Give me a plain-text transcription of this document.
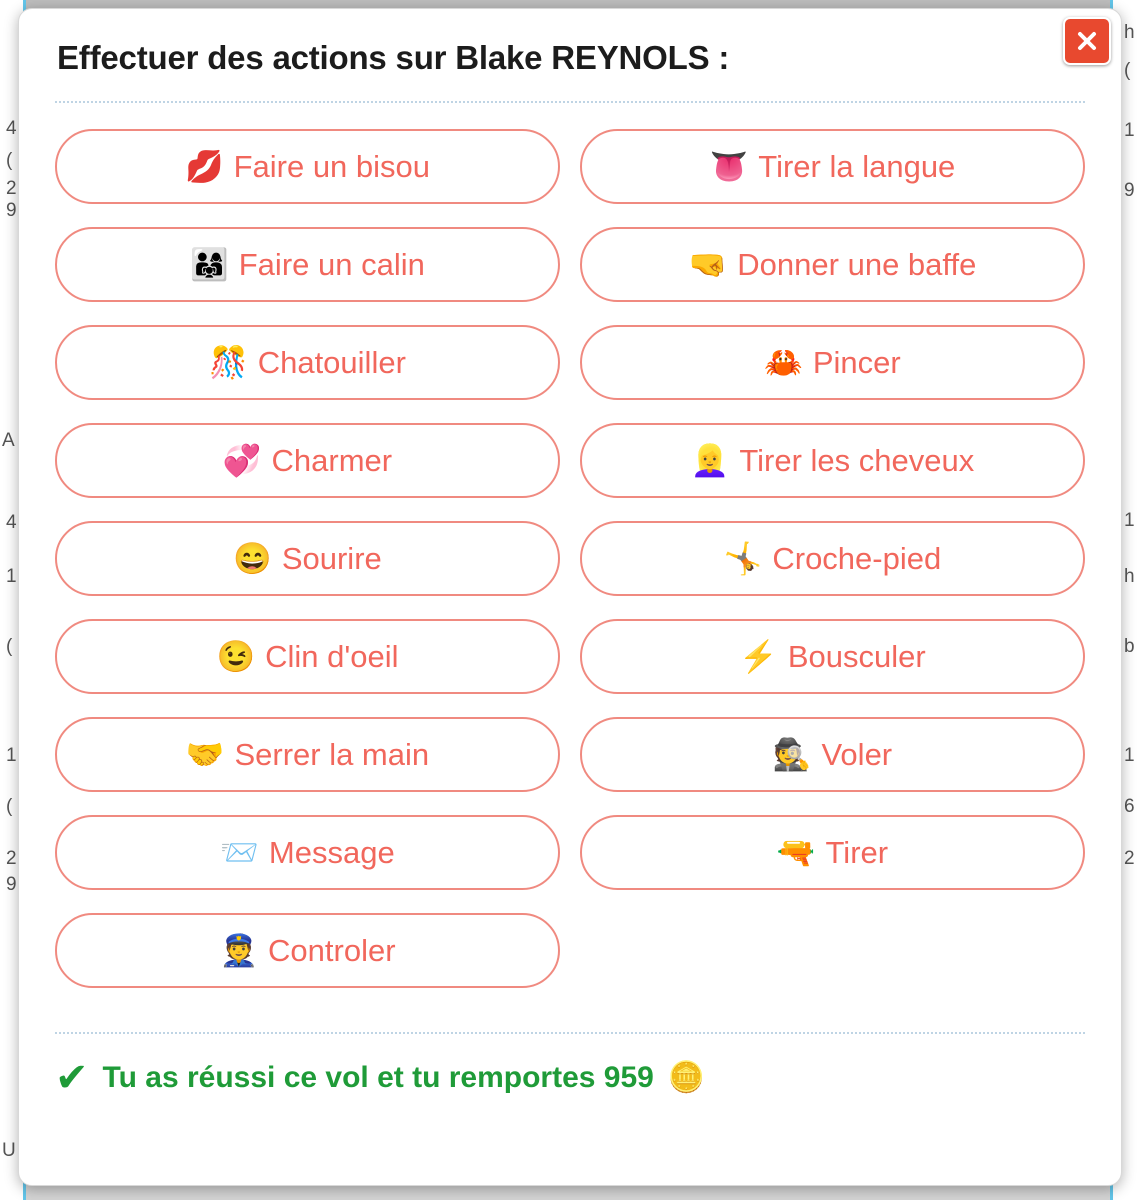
4
(
2
9
A
4
1
(
1
(
2
9
U
h
(
1
9
1
h
b
1
6
2
Effectuer des actions sur Blake REYNOLS :
💋 Faire un bisou	👅 Tirer la langue
👨‍👩‍👧 Faire un calin	🤜 Donner une baffe
🎊 Chatouiller	🦀 Pincer
💞 Charmer	👱‍♀️ Tirer les cheveux
😄 Sourire	🤸 Croche-pied
😉 Clin d'oeil	⚡ Bousculer
🤝 Serrer la main	🕵 Voler
📨 Message	🔫 Tirer
👮 Controler
✔ Tu as réussi ce vol et tu remportes 959 🪙
